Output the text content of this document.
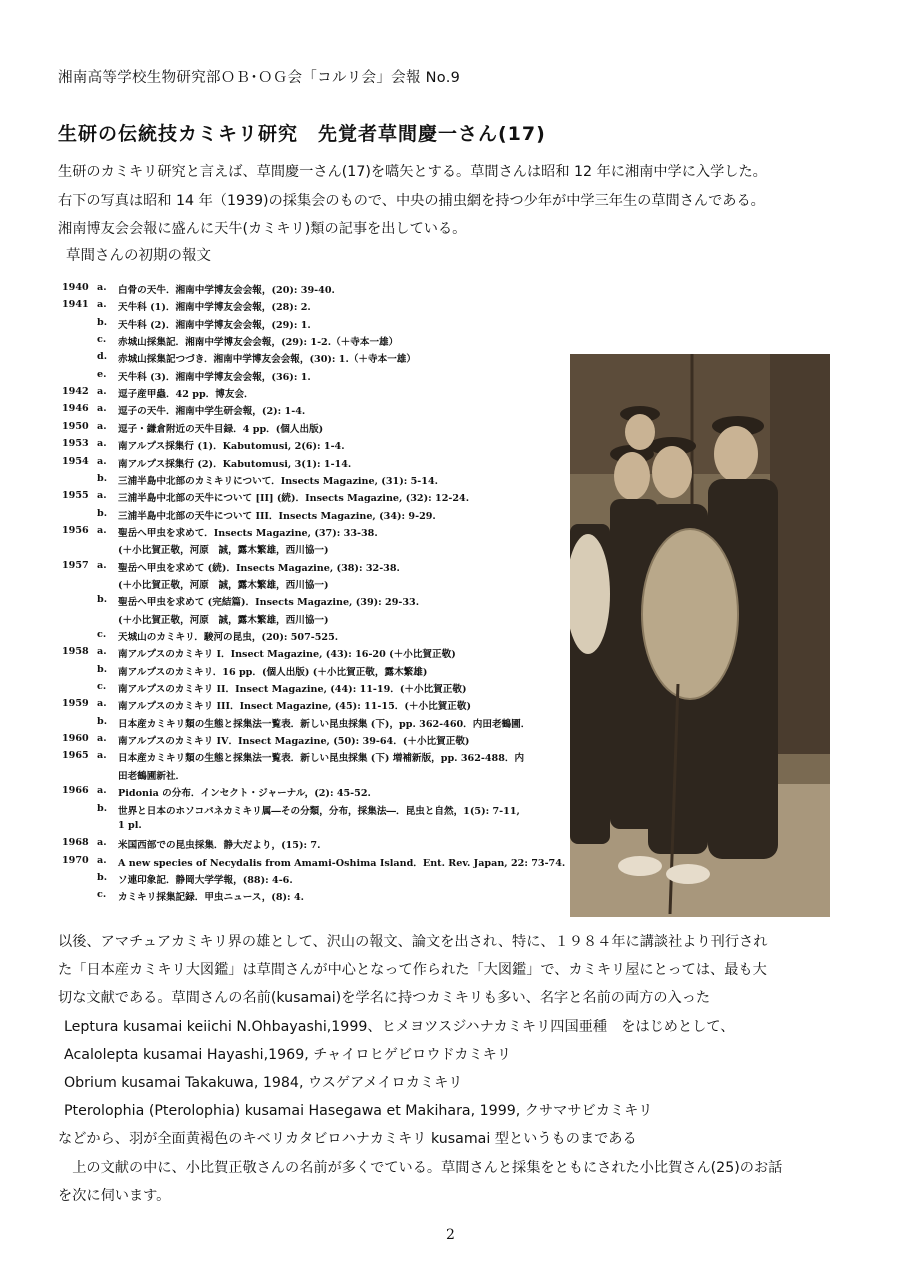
湘南高等学校生物研究部ＯＢ･ＯＧ会「コルリ会」会報 No.9
生研の伝統技カミキリ研究　先覚者草間慶一さん(17)

生研のカミキリ研究と言えば、草間慶一さん(17)を嚆矢とする。草間さんは昭和 12 年に湘南中学に入学した。

右下の写真は昭和 14 年（1939)の採集会のもので、中央の捕虫網を持つ少年が中学三年生の草間さんである。

湘南博友会会報に盛んに天牛(カミキリ)類の記事を出している。

草間さんの初期の報文
1940 a.	白骨の天牛．湘南中学博友会会報，(20): 39-40.
1941 a.	天牛科 (1)．湘南中学博友会会報，(28): 2.
b.	天牛科 (2)．湘南中学博友会会報，(29): 1.
c.	赤城山採集記．湘南中学博友会会報，(29): 1-2.（＋寺本一雄）
d.	赤城山採集記つづき．湘南中学博友会会報，(30): 1.（＋寺本一雄）
e.	天牛科 (3)．湘南中学博友会会報，(36): 1.
1942 a.	逗子産甲蟲．42 pp．博友会．
1946 a.	逗子の天牛．湘南中学生研会報，(2): 1-4.
1950 a.	逗子・鎌倉附近の天牛目録．4 pp．(個人出版)
1953 a.	南アルプス採集行 (1)．Kabutomusi, 2(6): 1-4.
1954 a.	南アルプス採集行 (2)．Kabutomusi, 3(1): 1-14.
b.	三浦半島中北部のカミキリについて．Insects Magazine, (31): 5-14.
1955 a.	三浦半島中北部の天牛について [II] (続)．Insects Magazine, (32): 12-24.
b.	三浦半島中北部の天牛について III．Insects Magazine, (34): 9-29.
1956 a.	聖岳へ甲虫を求めて．Insects Magazine, (37): 33-38.
(＋小比賀正敬，河原　誠，露木繁雄，西川協一)
1957 a.	聖岳へ甲虫を求めて (続)．Insects Magazine, (38): 32-38.
(＋小比賀正敬，河原　誠，露木繁雄，西川協一)
b.	聖岳へ甲虫を求めて (完結篇)．Insects Magazine, (39): 29-33.
(＋小比賀正敬，河原　誠，露木繁雄，西川協一)
c.	天城山のカミキリ．駿河の昆虫，(20): 507-525.
1958 a.	南アルプスのカミキリ I．Insect Magazine, (43): 16-20 (＋小比賀正敬)
b.	南アルプスのカミキリ．16 pp．(個人出版) (＋小比賀正敬，露木繁雄)
c.	南アルプスのカミキリ II．Insect Magazine, (44): 11-19．(＋小比賀正敬)
1959 a.	南アルプスのカミキリ III．Insect Magazine, (45): 11-15．(＋小比賀正敬)
b.	日本産カミキリ類の生態と採集法一覧表．新しい昆虫採集 (下)，pp. 362-460．内田老鶴圃．
1960 a.	南アルプスのカミキリ IV．Insect Magazine, (50): 39-64．(＋小比賀正敬)
1965 a.	日本産カミキリ類の生態と採集法一覧表．新しい昆虫採集 (下) 増補新版，pp. 362-488．内
田老鶴圃新社．
1966 a.	Pidonia の分布．インセクト・ジャーナル，(2): 45-52.
b.	世界と日本のホソコバネカミキリ属―その分類，分布，採集法―．昆虫と自然，1(5): 7-11,
1 pl.
1968 a.	米国西部での昆虫採集．静大だより，(15): 7.
1970 a.	A new species of Necydalis from Amami-Oshima Island．Ent. Rev. Japan, 22: 73-74.
b.	ソ連印象記．静岡大学学報，(88): 4-6.
c.	カミキリ採集記録．甲虫ニュース，(8): 4.

以後、アマチュアカミキリ界の雄として、沢山の報文、論文を出され、特に、１９８４年に講談社より刊行され

た「日本産カミキリ大図鑑」は草間さんが中心となって作られた「大図鑑」で、カミキリ屋にとっては、最も大

切な文献である。草間さんの名前(kusamai)を学名に持つカミキリも多い、名字と名前の両方の入った

Leptura kusamai keiichi N.Ohbayashi,1999、ヒメヨツスジハナカミキリ四国亜種　をはじめとして、

Acalolepta kusamai Hayashi,1969, チャイロヒゲビロウドカミキリ

Obrium kusamai Takakuwa, 1984, ウスゲアメイロカミキリ

Pterolophia (Pterolophia) kusamai Hasegawa et Makihara, 1999, クサマサビカミキリ

などから、羽が全面黄褐色のキベリカタビロハナカミキリ kusamai 型というものまである

　上の文献の中に、小比賀正敬さんの名前が多くでている。草間さんと採集をともにされた小比賀さん(25)のお話

を次に伺います。

2
